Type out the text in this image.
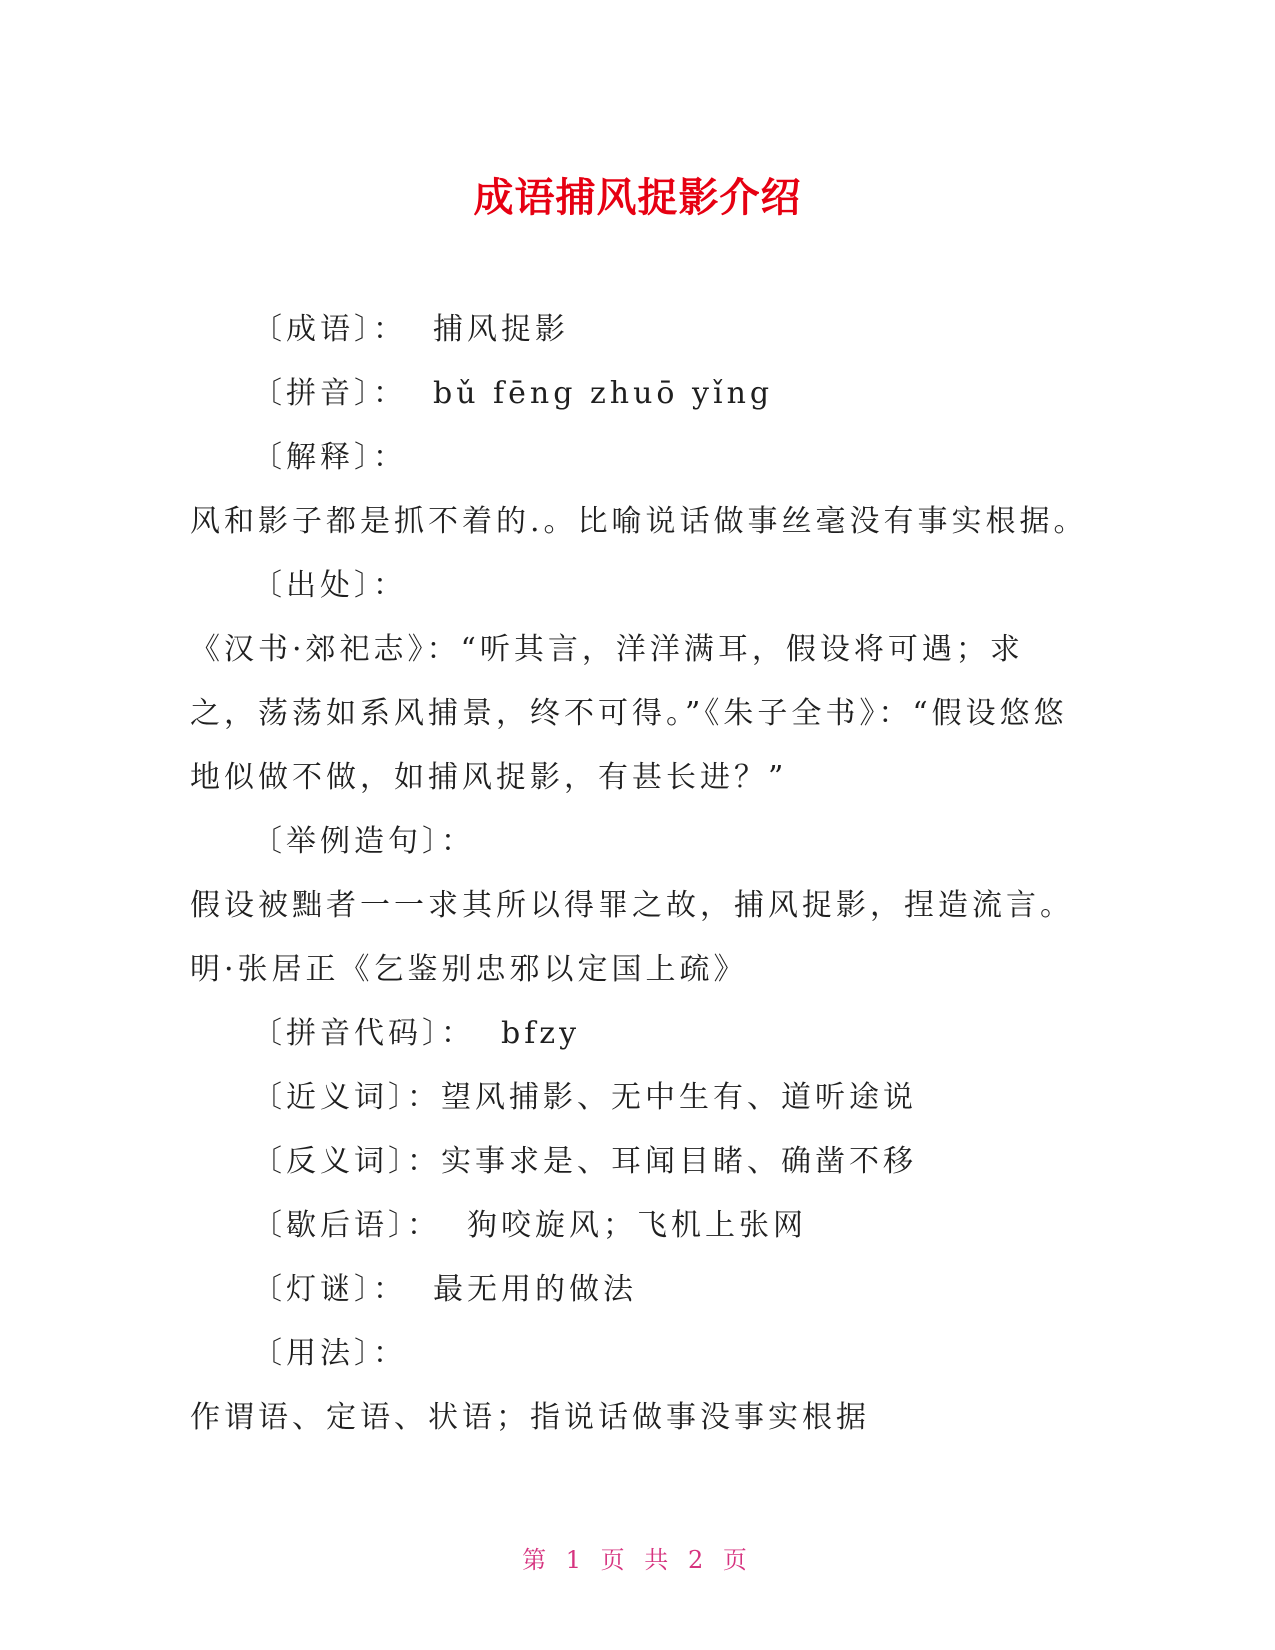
成语捕风捉影介绍
〔成语〕： 捕风捉影
〔拼音〕： bǔ fēng zhuō yǐng
〔解释〕：
风和影子都是抓不着的.。比喻说话做事丝毫没有事实根据。
〔出处〕：
《汉书·郊祀志》：“听其言，洋洋满耳，假设将可遇；求之，荡荡如系风捕景，终不可得。”《朱子全书》：“假设悠悠地似做不做，如捕风捉影，有甚长进？”
〔举例造句〕：
假设被黜者一一求其所以得罪之故，捕风捉影，捏造流言。明·张居正《乞鉴别忠邪以定国上疏》
〔拼音代码〕： bfzy
〔近义词〕：望风捕影、无中生有、道听途说
〔反义词〕：实事求是、耳闻目睹、确凿不移
〔歇后语〕： 狗咬旋风；飞机上张网
〔灯谜〕： 最无用的做法
〔用法〕：
作谓语、定语、状语；指说话做事没事实根据
第 1 页 共 2 页
